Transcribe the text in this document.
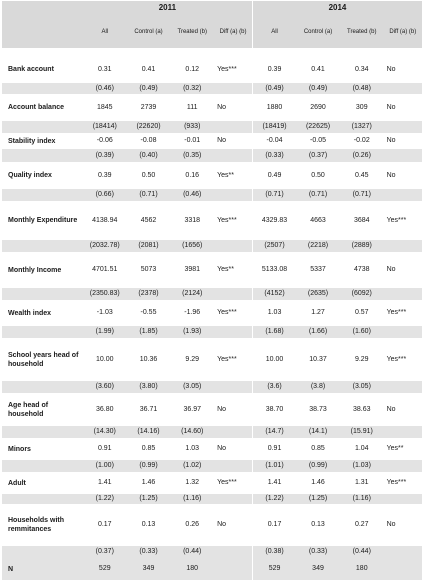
	2011				2014			
	All	Control (a)	Treated (b)	Diff (a) (b)	All	Control (a)	Treated (b)	Diff (a) (b)

Bank account	0.31	0.41	0.12	Yes***	0.39	0.41	0.34	No
	(0.46)	(0.49)	(0.32)		(0.49)	(0.49)	(0.48)	
Account balance	1845	2739	111	No	1880	2690	309	No
	(18414)	(22620)	(933)		(18419)	(22625)	(1327)	
Stability index	-0.06	-0.08	-0.01	No	-0.04	-0.05	-0.02	No
	(0.39)	(0.40)	(0.35)		(0.33)	(0.37)	(0.26)	
Quality index	0.39	0.50	0.16	Yes**	0.49	0.50	0.45	No
	(0.66)	(0.71)	(0.46)		(0.71)	(0.71)	(0.71)	
Monthly Expenditure	4138.94	4562	3318	Yes***	4329.83	4663	3684	Yes***
	(2032.78)	(2081)	(1656)		(2507)	(2218)	(2889)	
Monthly Income	4701.51	5073	3981	Yes**	5133.08	5337	4738	No
	(2350.83)	(2378)	(2124)		(4152)	(2635)	(6092)	
Wealth index	-1.03	-0.55	-1.96	Yes***	1.03	1.27	0.57	Yes***
	(1.99)	(1.85)	(1.93)		(1.68)	(1.66)	(1.60)	
School years head of household	10.00	10.36	9.29	Yes***	10.00	10.37	9.29	Yes***
	(3.60)	(3.80)	(3.05)		(3.6)	(3.8)	(3.05)	
Age head of household	36.80	36.71	36.97	No	38.70	38.73	38.63	No
	(14.30)	(14.16)	(14.60)		(14.7)	(14.1)	(15.91)	
Minors	0.91	0.85	1.03	No	0.91	0.85	1.04	Yes**
	(1.00)	(0.99)	(1.02)		(1.01)	(0.99)	(1.03)	
Adult	1.41	1.46	1.32	Yes***	1.41	1.46	1.31	Yes***
	(1.22)	(1.25)	(1.16)		(1.22)	(1.25)	(1.16)	
Households with remmitances	0.17	0.13	0.26	No	0.17	0.13	0.27	No
	(0.37)	(0.33)	(0.44)		(0.38)	(0.33)	(0.44)	
N	529	349	180		529	349	180	
